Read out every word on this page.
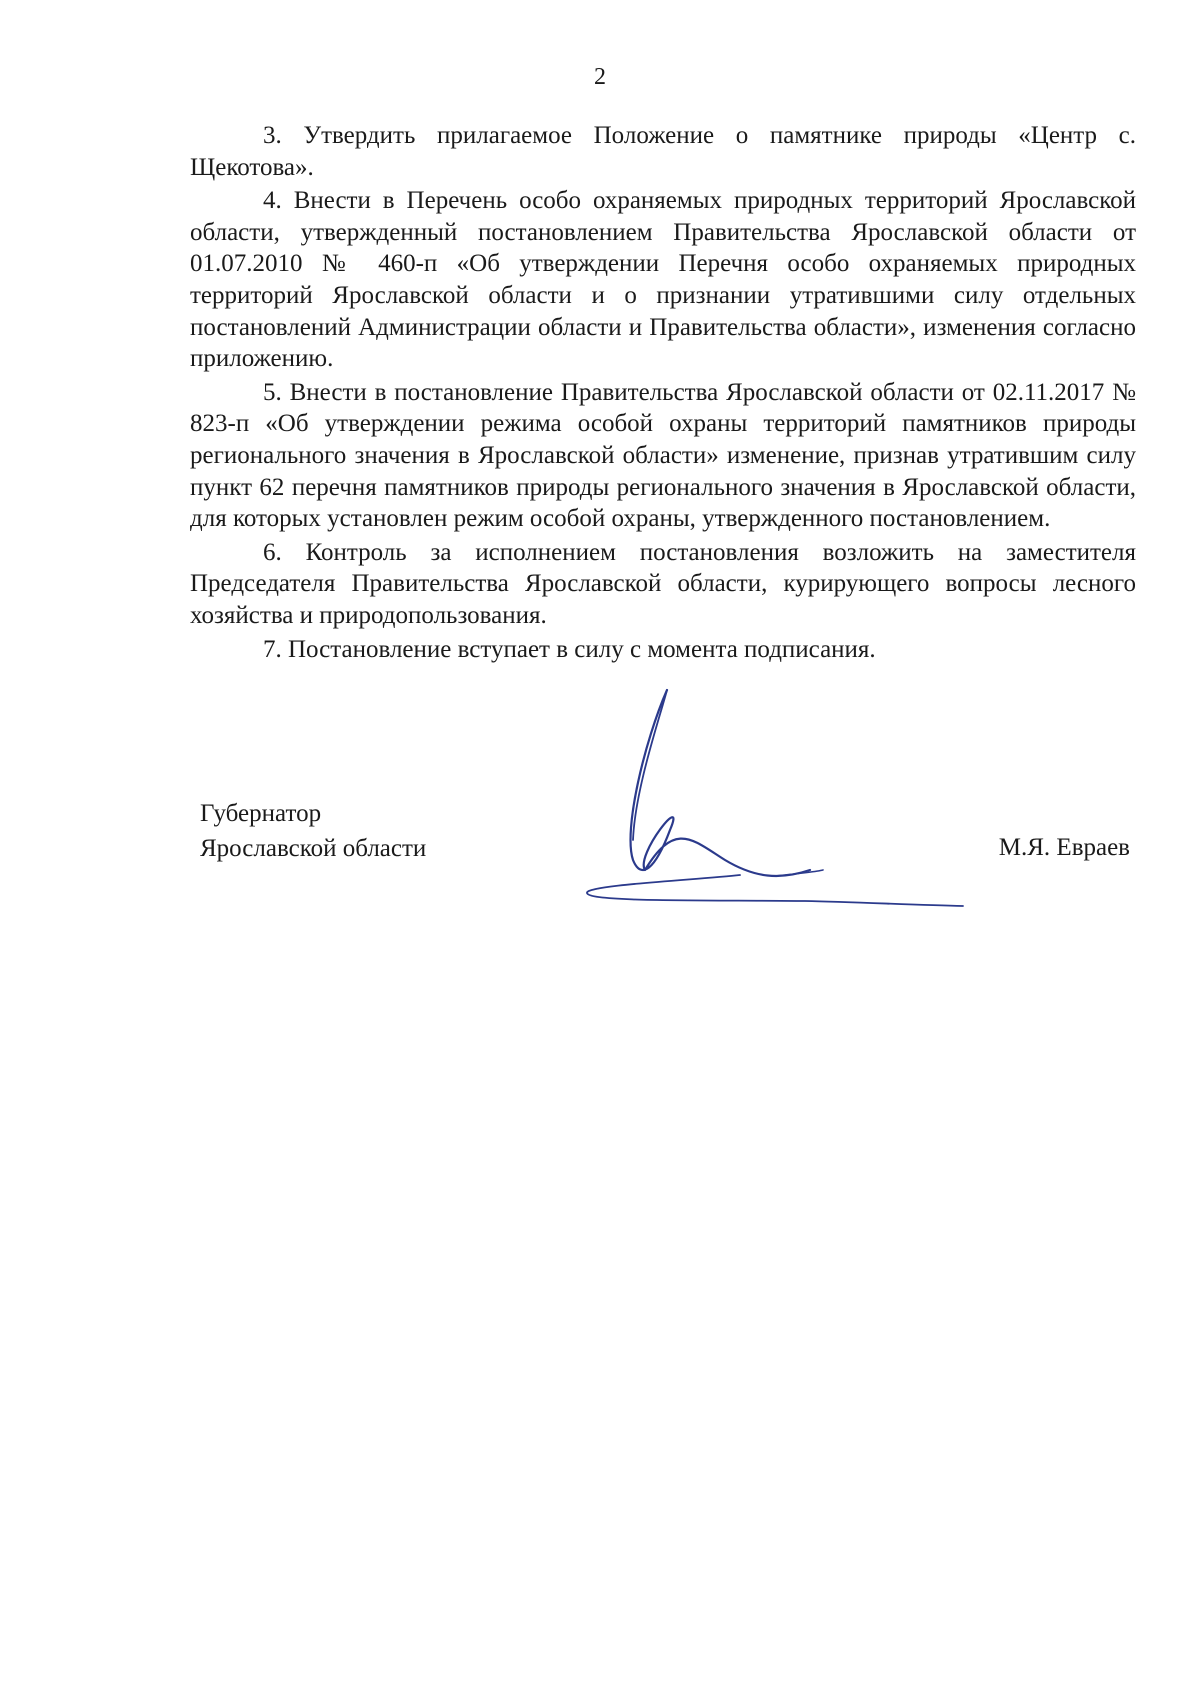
2

3. Утвердить прилагаемое Положение о памятнике природы «Центр с. Щекотова».

4. Внести в Перечень особо охраняемых природных территорий Ярославской области, утвержденный постановлением Правительства Ярославской области от 01.07.2010 № 460-п «Об утверждении Перечня особо охраняемых природных территорий Ярославской области и о признании утратившими силу отдельных постановлений Администрации области и Правительства области», изменения согласно приложению.

5. Внести в постановление Правительства Ярославской области от 02.11.2017 № 823-п «Об утверждении режима особой охраны территорий памятников природы регионального значения в Ярославской области» изменение, признав утратившим силу пункт 62 перечня памятников природы регионального значения в Ярославской области, для которых установлен режим особой охраны, утвержденного постановлением.

6. Контроль за исполнением постановления возложить на заместителя Председателя Правительства Ярославской области, курирующего вопросы лесного хозяйства и природопользования.

7. Постановление вступает в силу с момента подписания.

Губернатор
Ярославской области	М.Я. Евраев
